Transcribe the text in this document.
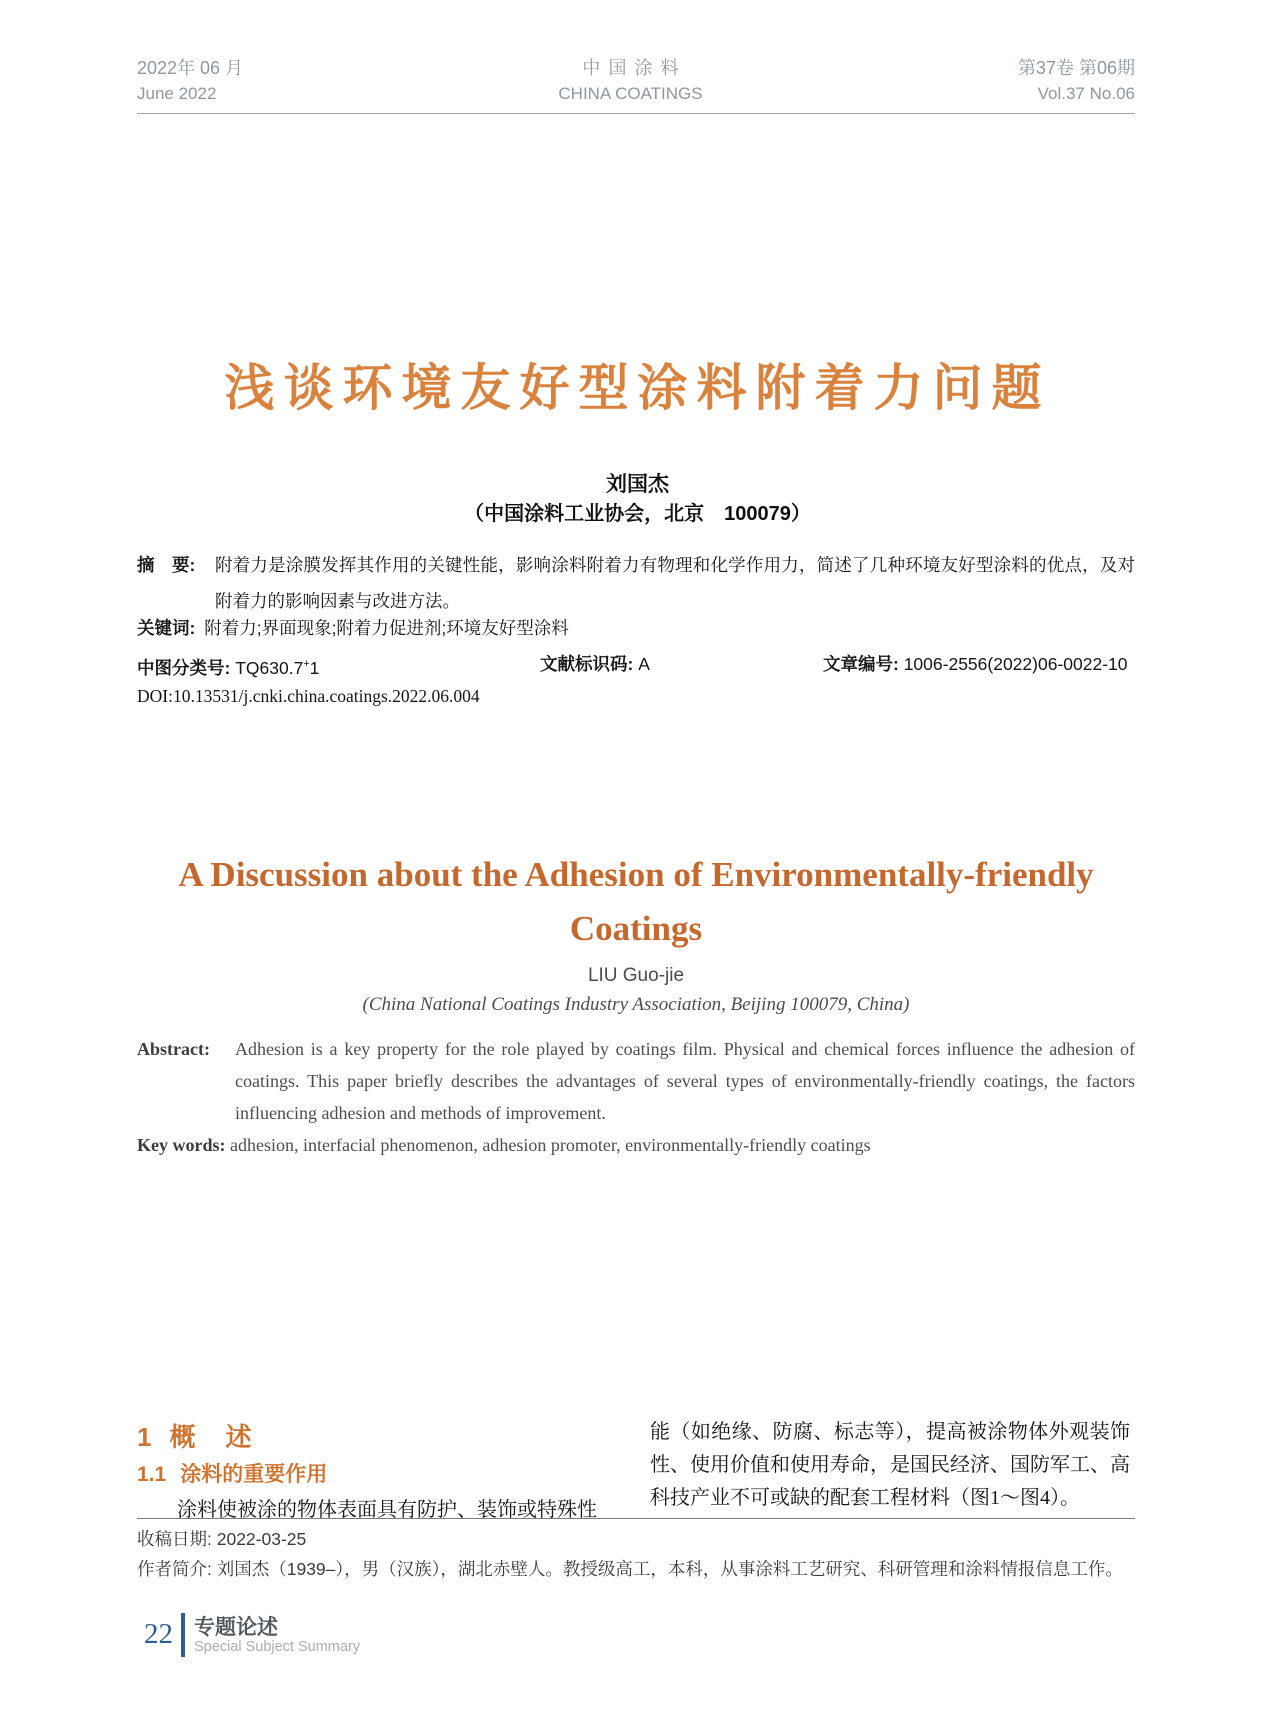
2022年 06 月
June 2022
中国涂料
CHINA COATINGS
第37卷 第06期
Vol.37 No.06
浅谈环境友好型涂料附着力问题
刘国杰
（中国涂料工业协会，北京　100079）

摘　要: 附着力是涂膜发挥其作用的关键性能，影响涂料附着力有物理和化学作用力，简述了几种环境友好型涂料的优点，及对附着力的影响因素与改进方法。

关键词: 附着力;界面现象;附着力促进剂;环境友好型涂料

中图分类号: TQ630.7+1	文献标识码: A	文章编号: 1006-2556(2022)06-0022-10

DOI:10.13531/j.cnki.china.coatings.2022.06.004

A Discussion about the Adhesion of Environmentally-friendly
Coatings
LIU Guo-jie
(China National Coatings Industry Association, Beijing 100079, China)

Abstract: Adhesion is a key property for the role played by coatings film. Physical and chemical forces influence the adhesion of coatings. This paper briefly describes the advantages of several types of environmentally-friendly coatings, the factors influencing adhesion and methods of improvement.

Key words: adhesion, interfacial phenomenon, adhesion promoter, environmentally-friendly coatings

1 概　述
1.1 涂料的重要作用

涂料使被涂的物体表面具有防护、装饰或特殊性

能（如绝缘、防腐、标志等），提高被涂物体外观装饰性、使用价值和使用寿命，是国民经济、国防军工、高科技产业不可或缺的配套工程材料（图1～图4）。

收稿日期: 2022-03-25

作者简介: 刘国杰（1939–），男（汉族），湖北赤壁人。教授级高工，本科，从事涂料工艺研究、科研管理和涂料情报信息工作。

22 专题论述
Special Subject Summary
